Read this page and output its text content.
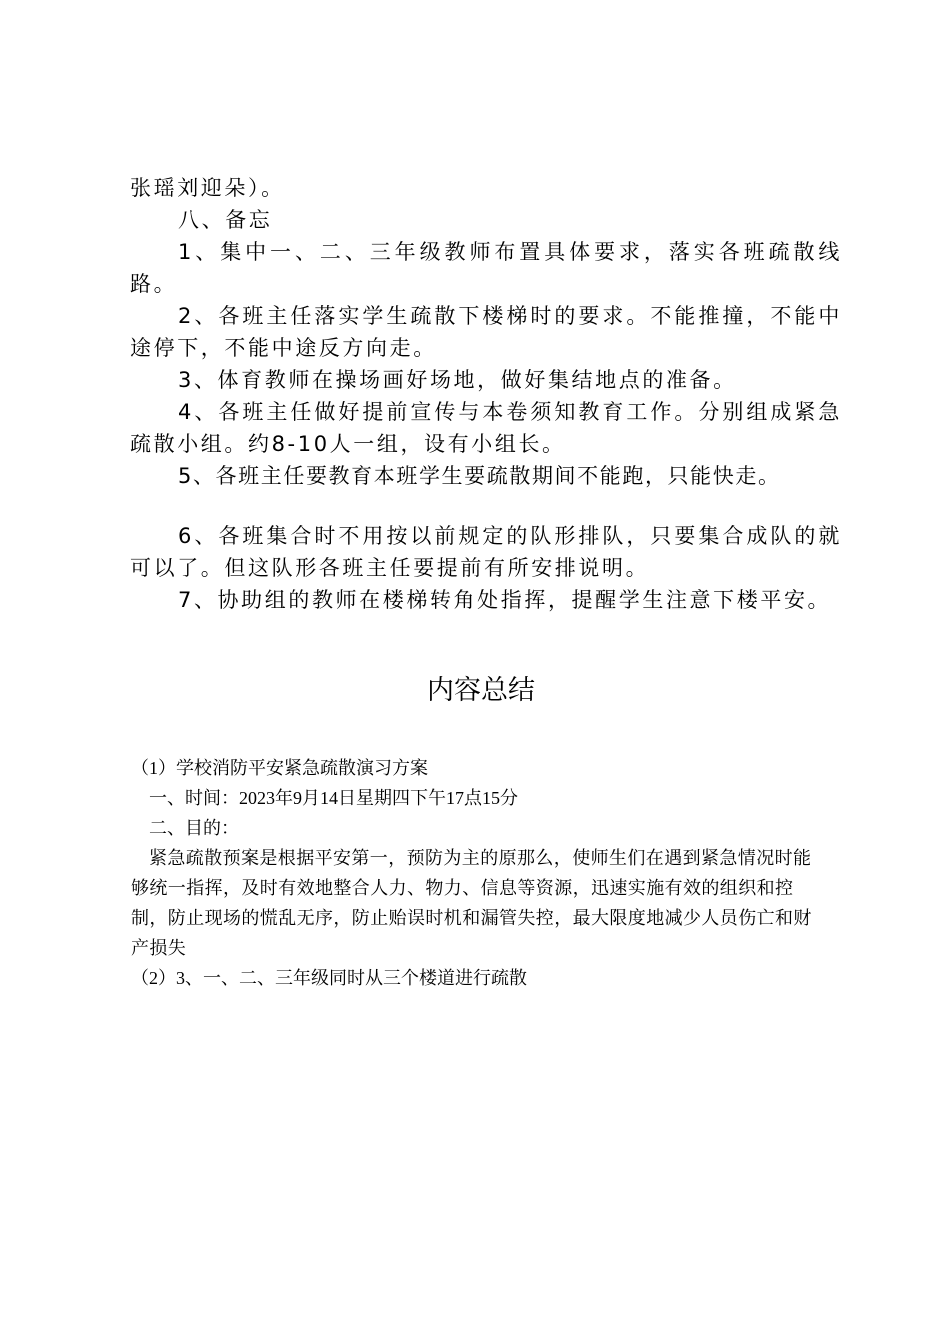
张瑶刘迎朵）。

八、备忘

1、集中一、二、三年级教师布置具体要求，落实各班疏散线路。

2、各班主任落实学生疏散下楼梯时的要求。不能推撞，不能中途停下，不能中途反方向走。

3、体育教师在操场画好场地，做好集结地点的准备。

4、各班主任做好提前宣传与本卷须知教育工作。分别组成紧急疏散小组。约8-10人一组，设有小组长。

5、各班主任要教育本班学生要疏散期间不能跑，只能快走。

6、各班集合时不用按以前规定的队形排队，只要集合成队的就可以了。但这队形各班主任要提前有所安排说明。

7、协助组的教师在楼梯转角处指挥，提醒学生注意下楼平安。

内容总结

（1）学校消防平安紧急疏散演习方案

一、时间：2023年9月14日星期四下午17点15分

二、目的：

紧急疏散预案是根据平安第一，预防为主的原那么，使师生们在遇到紧急情况时能够统一指挥，及时有效地整合人力、物力、信息等资源，迅速实施有效的组织和控制，防止现场的慌乱无序，防止贻误时机和漏管失控，最大限度地减少人员伤亡和财产损失

（2）3、一、二、三年级同时从三个楼道进行疏散
